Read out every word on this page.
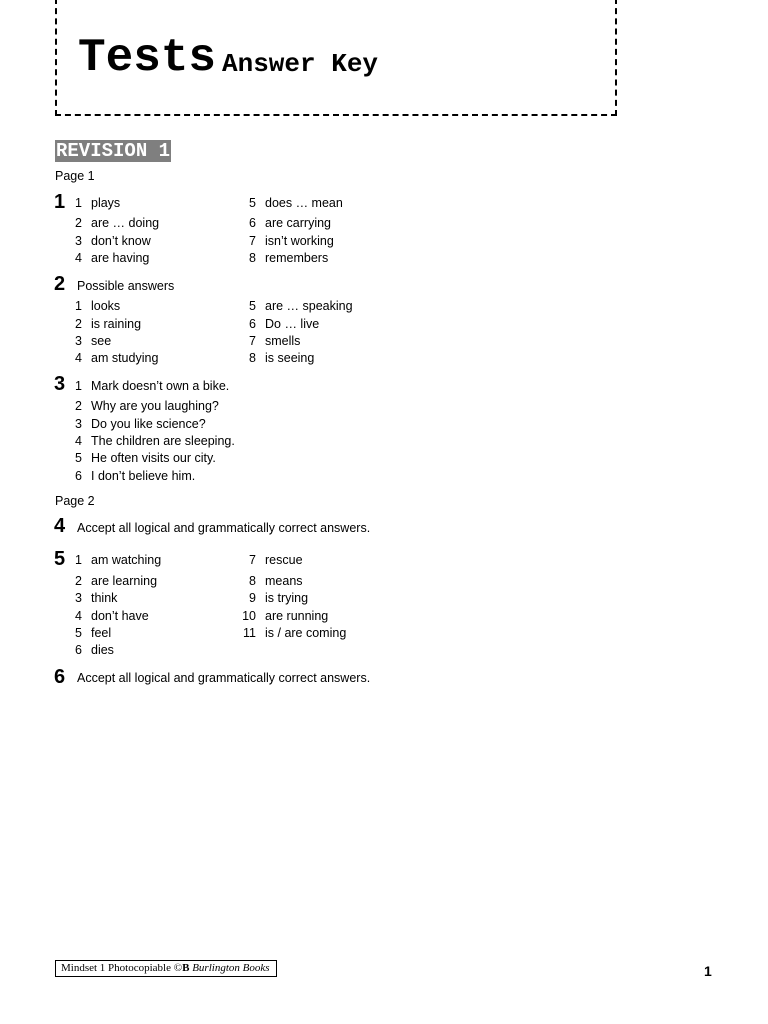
Tests Answer Key
REVISION 1
Page 1
1 1 plays
2 are … doing
3 don’t know
4 are having
5 does … mean
6 are carrying
7 isn’t working
8 remembers
2 Possible answers
1 looks
2 is raining
3 see
4 am studying
5 are … speaking
6 Do … live
7 smells
8 is seeing
3 1 Mark doesn’t own a bike.
2 Why are you laughing?
3 Do you like science?
4 The children are sleeping.
5 He often visits our city.
6 I don’t believe him.
Page 2
4 Accept all logical and grammatically correct answers.
5 1 am watching
2 are learning
3 think
4 don’t have
5 feel
6 dies
7 rescue
8 means
9 is trying
10 are running
11 is / are coming
6 Accept all logical and grammatically correct answers.
Mindset 1 Photocopiable ©B Burlington Books	1
